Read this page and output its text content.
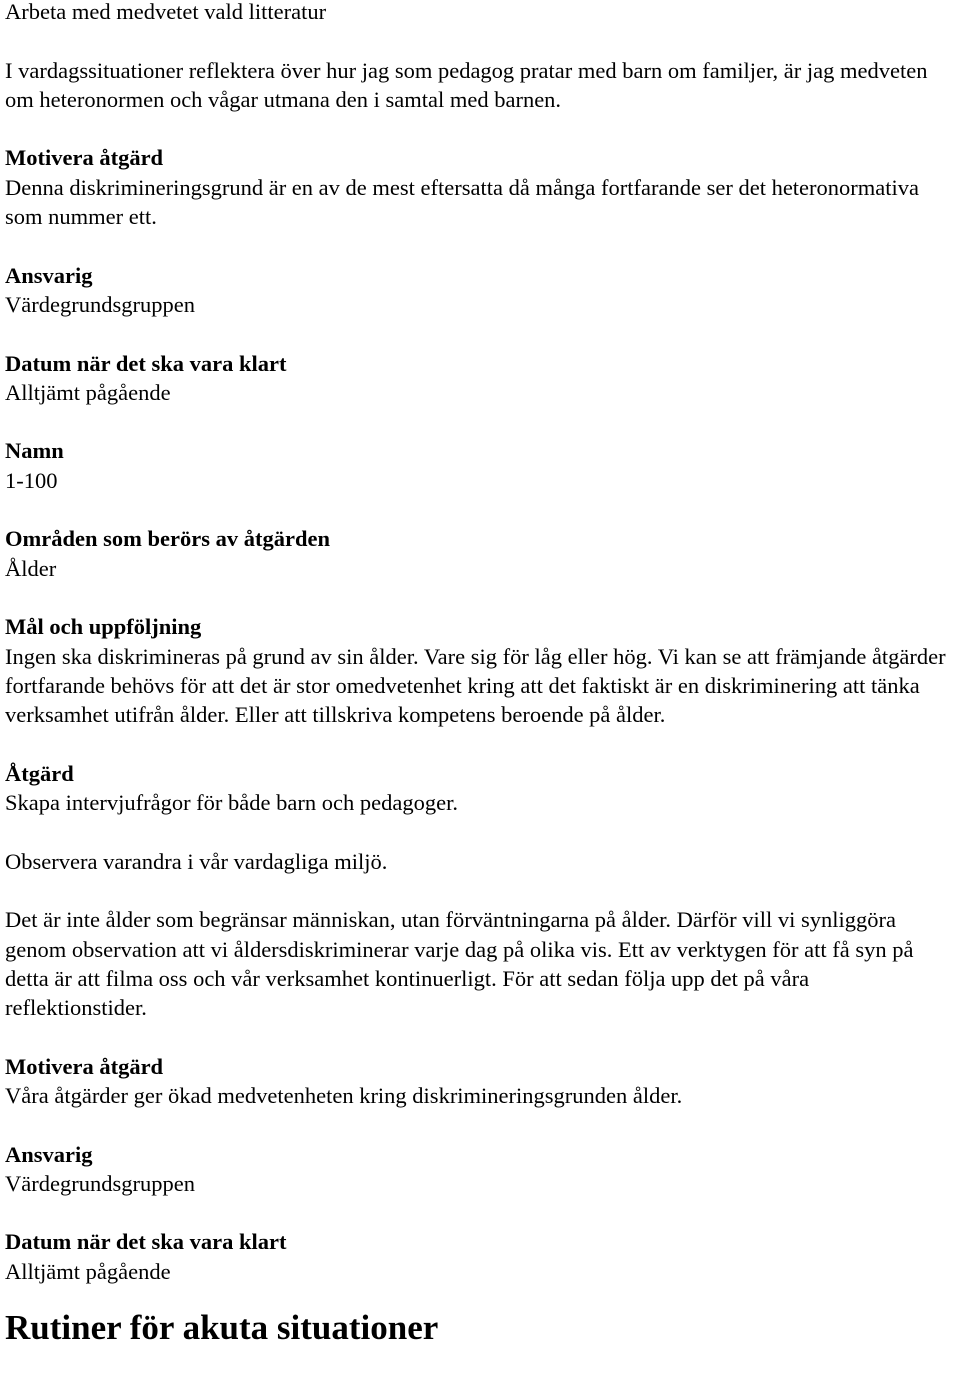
Arbeta med medvetet vald litteratur

I vardagssituationer reflektera över hur jag som pedagog pratar med barn om familjer, är jag medveten om heteronormen och vågar utmana den i samtal med barnen.

Motivera åtgärd

Denna diskrimineringsgrund är en av de mest eftersatta då många fortfarande ser det heteronormativa som nummer ett.

Ansvarig

Värdegrundsgruppen

Datum när det ska vara klart

Alltjämt pågående

Namn

1-100

Områden som berörs av åtgärden

Ålder

Mål och uppföljning

Ingen ska diskrimineras på grund av sin ålder. Vare sig för låg eller hög. Vi kan se att främjande åtgärder fortfarande behövs för att det är stor omedvetenhet kring att det faktiskt är en diskriminering att tänka verksamhet utifrån ålder. Eller att tillskriva kompetens beroende på ålder.

Åtgärd

Skapa intervjufrågor för både barn och pedagoger.

Observera varandra i vår vardagliga miljö.

Det är inte ålder som begränsar människan, utan förväntningarna på ålder. Därför vill vi synliggöra genom observation att vi åldersdiskriminerar varje dag på olika vis. Ett av verktygen för att få syn på detta är att filma oss och vår verksamhet kontinuerligt. För att sedan följa upp det på våra reflektionstider.

Motivera åtgärd

Våra åtgärder ger ökad medvetenheten kring diskrimineringsgrunden ålder.

Ansvarig

Värdegrundsgruppen

Datum när det ska vara klart

Alltjämt pågående

Rutiner för akuta situationer
